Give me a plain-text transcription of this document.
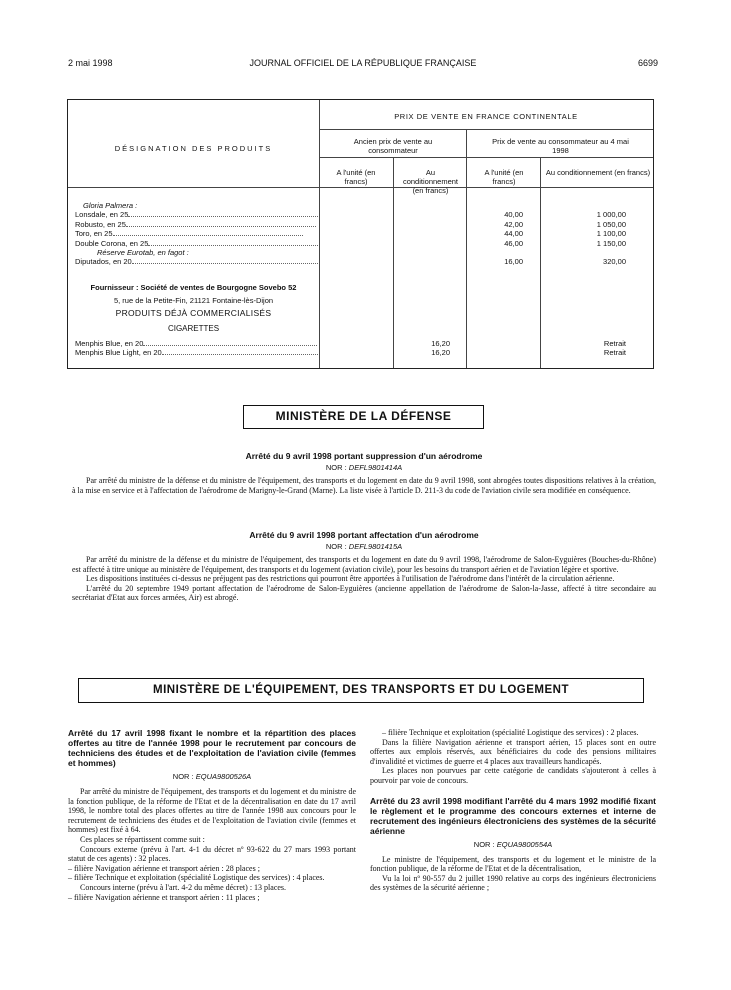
2 mai 1998	JOURNAL OFFICIEL DE LA RÉPUBLIQUE FRANÇAISE	6699
PRIX DE VENTE EN FRANCE CONTINENTALE
DÉSIGNATION DES PRODUITS
Ancien prix de vente au consommateur
Prix de vente au consommateur au 4 mai 1998
A l'unité (en francs)
Au conditionnement (en francs)
A l'unité (en francs)
Au conditionnement (en francs)
Gloria Palmera :
Lonsdale, en 25
Robusto, en 25
Toro, en 25
Double Corona, en 25
Réserve Eurotab, en fagot :
Diputados, en 20
40,00
42,00
44,00
46,00
16,00
1 000,00
1 050,00
1 100,00
1 150,00
320,00
Fournisseur : Société de ventes de Bourgogne Sovebo 52
5, rue de la Petite-Fin, 21121 Fontaine-lès-Dijon
PRODUITS DÉJÀ COMMERCIALISÉS
CIGARETTES
Menphis Blue, en 20
Menphis Blue Light, en 20
16,20
16,20
Retrait
Retrait
MINISTÈRE DE LA DÉFENSE
Arrêté du 9 avril 1998 portant suppression d'un aérodrome
NOR : DEFL9801414A

Par arrêté du ministre de la défense et du ministre de l'équipement, des transports et du logement en date du 9 avril 1998, sont abrogées toutes dispositions relatives à la création, à la mise en service et à l'affectation de l'aérodrome de Marigny-le-Grand (Marne). La liste visée à l'article D. 211-3 du code de l'aviation civile sera modifiée en conséquence.

Arrêté du 9 avril 1998 portant affectation d'un aérodrome
NOR : DEFL9801415A

Par arrêté du ministre de la défense et du ministre de l'équipement, des transports et du logement en date du 9 avril 1998, l'aérodrome de Salon-Eyguières (Bouches-du-Rhône) est affecté à titre unique au ministère de l'équipement, des transports et du logement (aviation civile), pour les besoins du transport aérien et de l'aviation légère et sportive.

Les dispositions instituées ci-dessus ne préjugent pas des restrictions qui pourront être apportées à l'utilisation de l'aérodrome dans l'intérêt de la circulation aérienne.

L'arrêté du 20 septembre 1949 portant affectation de l'aérodrome de Salon-Eyguières (ancienne appellation de l'aérodrome de Salon-la-Jasse, affecté à titre secondaire au secrétariat d'Etat aux forces armées, Air) est abrogé.

MINISTÈRE DE L'ÉQUIPEMENT, DES TRANSPORTS ET DU LOGEMENT

Arrêté du 17 avril 1998 fixant le nombre et la répartition des places offertes au titre de l'année 1998 pour le recrutement par concours de techniciens des études et de l'exploitation de l'aviation civile (femmes et hommes)

NOR : EQUA9800526A

Par arrêté du ministre de l'équipement, des transports et du logement et du ministre de la fonction publique, de la réforme de l'Etat et de la décentralisation en date du 17 avril 1998, le nombre total des places offertes au titre de l'année 1998 aux concours pour le recrutement de techniciens des études et de l'exploitation de l'aviation civile (femmes et hommes) est fixé à 64.

Ces places se répartissent comme suit :

Concours externe (prévu à l'art. 4-1 du décret nº 93-622 du 27 mars 1993 portant statut de ces agents) : 32 places.

– filière Navigation aérienne et transport aérien : 28 places ;

– filière Technique et exploitation (spécialité Logistique des services) : 4 places.

Concours interne (prévu à l'art. 4-2 du même décret) : 13 places.

– filière Navigation aérienne et transport aérien : 11 places ;

– filière Technique et exploitation (spécialité Logistique des services) : 2 places.

Dans la filière Navigation aérienne et transport aérien, 15 places sont en outre offertes aux emplois réservés, aux bénéficiaires du code des pensions militaires d'invalidité et victimes de guerre et 4 places aux travailleurs handicapés.

Les places non pourvues par cette catégorie de candidats s'ajouteront à celles à pourvoir par voie de concours.

Arrêté du 23 avril 1998 modifiant l'arrêté du 4 mars 1992 modifié fixant le règlement et le programme des concours externes et interne de recrutement des ingénieurs électroniciens des systèmes de la sécurité aérienne

NOR : EQUA9800554A

Le ministre de l'équipement, des transports et du logement et le ministre de la fonction publique, de la réforme de l'Etat et de la décentralisation,

Vu la loi nº 90-557 du 2 juillet 1990 relative au corps des ingénieurs électroniciens des systèmes de la sécurité aérienne ;
